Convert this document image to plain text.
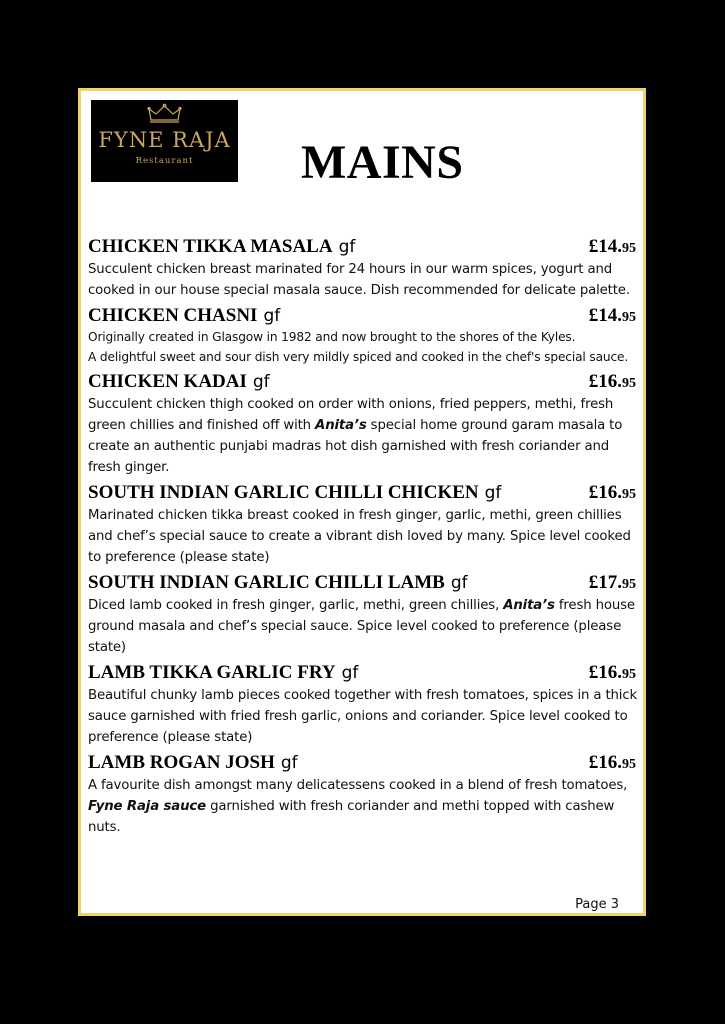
FYNE RAJA
Restaurant	MAINS
CHICKEN TIKKA MASALA gf	£14.95

Succulent chicken breast marinated for 24 hours in our warm spices, yogurt and cooked in our house special masala sauce. Dish recommended for delicate palette.

CHICKEN CHASNI gf	£14.95

Originally created in Glasgow in 1982 and now brought to the shores of the Kyles.

A delightful sweet and sour dish very mildly spiced and cooked in the chef's special sauce.

CHICKEN KADAI gf	£16.95

Succulent chicken thigh cooked on order with onions, fried peppers, methi, fresh green chillies and finished off with Anita’s special home ground garam masala to create an authentic punjabi madras hot dish garnished with fresh coriander and fresh ginger.

SOUTH INDIAN GARLIC CHILLI CHICKEN gf	£16.95

Marinated chicken tikka breast cooked in fresh ginger, garlic, methi, green chillies and chef’s special sauce to create a vibrant dish loved by many. Spice level cooked to preference (please state)

SOUTH INDIAN GARLIC CHILLI LAMB gf	£17.95

Diced lamb cooked in fresh ginger, garlic, methi, green chillies, Anita’s fresh house ground masala and chef’s special sauce. Spice level cooked to preference (please state)

LAMB TIKKA GARLIC FRY gf	£16.95

Beautiful chunky lamb pieces cooked together with fresh tomatoes, spices in a thick sauce garnished with fried fresh garlic, onions and coriander. Spice level cooked to preference (please state)

LAMB ROGAN JOSH gf	£16.95

A favourite dish amongst many delicatessens cooked in a blend of fresh tomatoes, Fyne Raja sauce garnished with fresh coriander and methi topped with cashew nuts.

Page 3
